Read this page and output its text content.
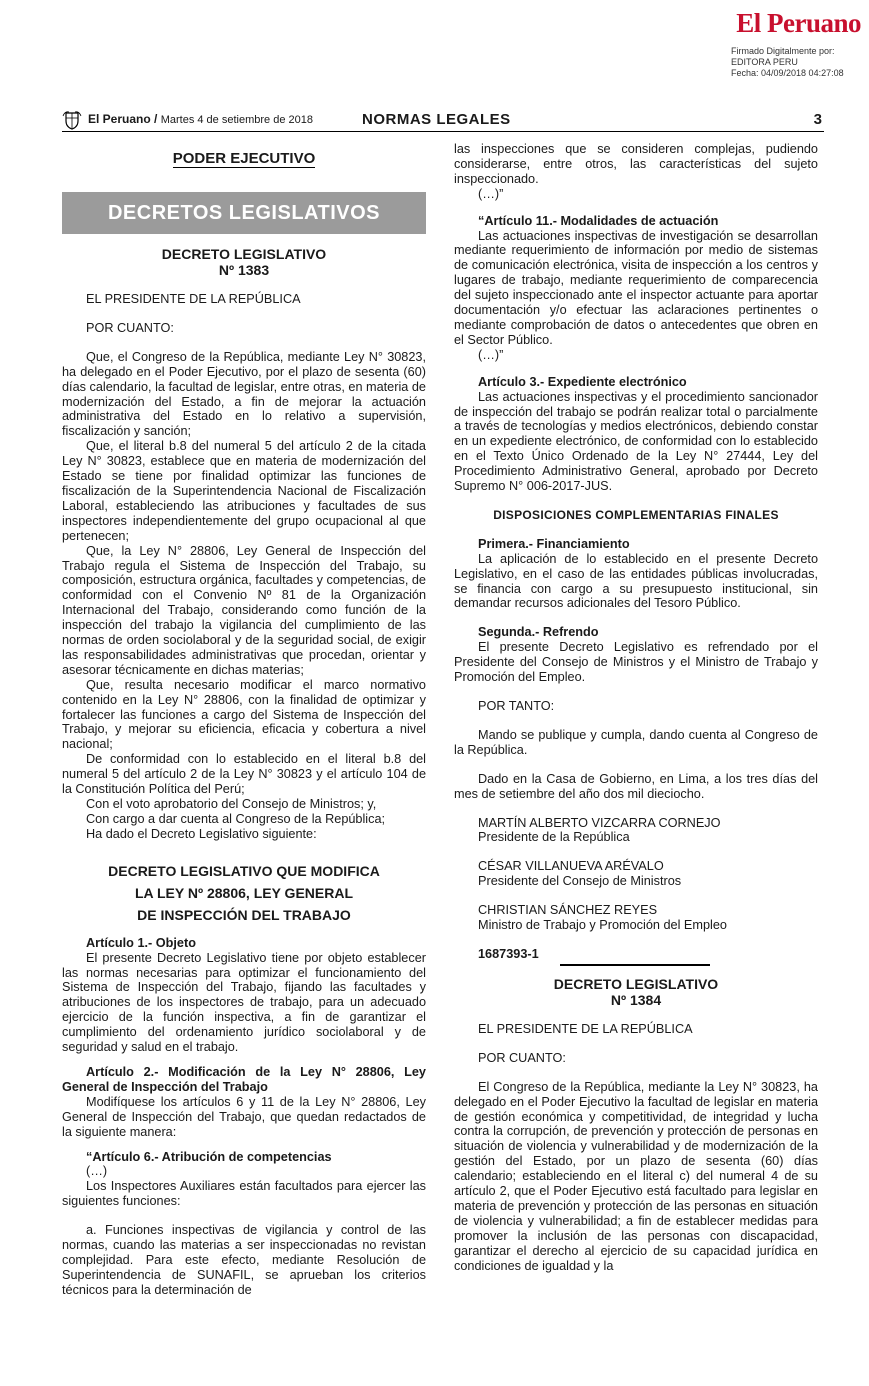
El Peruano
Firmado Digitalmente por:
EDITORA PERU
Fecha: 04/09/2018 04:27:08
El Peruano / Martes 4 de setiembre de 2018	NORMAS LEGALES	3
PODER EJECUTIVO
DECRETOS LEGISLATIVOS
DECRETO LEGISLATIVO
Nº 1383

EL PRESIDENTE DE LA REPÚBLICA

POR CUANTO:

Que, el Congreso de la República, mediante Ley N° 30823, ha delegado en el Poder Ejecutivo, por el plazo de sesenta (60) días calendario, la facultad de legislar, entre otras, en materia de modernización del Estado, a fin de mejorar la actuación administrativa del Estado en lo relativo a supervisión, fiscalización y sanción;

Que, el literal b.8 del numeral 5 del artículo 2 de la citada Ley N° 30823, establece que en materia de modernización del Estado se tiene por finalidad optimizar las funciones de fiscalización de la Superintendencia Nacional de Fiscalización Laboral, estableciendo las atribuciones y facultades de sus inspectores independientemente del grupo ocupacional al que pertenecen;

Que, la Ley N° 28806, Ley General de Inspección del Trabajo regula el Sistema de Inspección del Trabajo, su composición, estructura orgánica, facultades y competencias, de conformidad con el Convenio Nº 81 de la Organización Internacional del Trabajo, considerando como función de la inspección del trabajo la vigilancia del cumplimiento de las normas de orden sociolaboral y de la seguridad social, de exigir las responsabilidades administrativas que procedan, orientar y asesorar técnicamente en dichas materias;

Que, resulta necesario modificar el marco normativo contenido en la Ley N° 28806, con la finalidad de optimizar y fortalecer las funciones a cargo del Sistema de Inspección del Trabajo, y mejorar su eficiencia, eficacia y cobertura a nivel nacional;

De conformidad con lo establecido en el literal b.8 del numeral 5 del artículo 2 de la Ley N° 30823 y el artículo 104 de la Constitución Política del Perú;

Con el voto aprobatorio del Consejo de Ministros; y,

Con cargo a dar cuenta al Congreso de la República;

Ha dado el Decreto Legislativo siguiente:

DECRETO LEGISLATIVO QUE MODIFICA
LA LEY Nº 28806, LEY GENERAL
DE INSPECCIÓN DEL TRABAJO

Artículo 1.- Objeto

El presente Decreto Legislativo tiene por objeto establecer las normas necesarias para optimizar el funcionamiento del Sistema de Inspección del Trabajo, fijando las facultades y atribuciones de los inspectores de trabajo, para un adecuado ejercicio de la función inspectiva, a fin de garantizar el cumplimiento del ordenamiento jurídico sociolaboral y de seguridad y salud en el trabajo.

Artículo 2.- Modificación de la Ley N° 28806, Ley General de Inspección del Trabajo

Modifíquese los artículos 6 y 11 de la Ley N° 28806, Ley General de Inspección del Trabajo, que quedan redactados de la siguiente manera:

“Artículo 6.- Atribución de competencias

(…)

Los Inspectores Auxiliares están facultados para ejercer las siguientes funciones:

a. Funciones inspectivas de vigilancia y control de las normas, cuando las materias a ser inspeccionadas no revistan complejidad. Para este efecto, mediante Resolución de Superintendencia de SUNAFIL, se aprueban los criterios técnicos para la determinación de

las inspecciones que se consideren complejas, pudiendo considerarse, entre otros, las características del sujeto inspeccionado.

(…)”

“Artículo 11.- Modalidades de actuación

Las actuaciones inspectivas de investigación se desarrollan mediante requerimiento de información por medio de sistemas de comunicación electrónica, visita de inspección a los centros y lugares de trabajo, mediante requerimiento de comparecencia del sujeto inspeccionado ante el inspector actuante para aportar documentación y/o efectuar las aclaraciones pertinentes o mediante comprobación de datos o antecedentes que obren en el Sector Público.

(…)”

Artículo 3.- Expediente electrónico

Las actuaciones inspectivas y el procedimiento sancionador de inspección del trabajo se podrán realizar total o parcialmente a través de tecnologías y medios electrónicos, debiendo constar en un expediente electrónico, de conformidad con lo establecido en el Texto Único Ordenado de la Ley N° 27444, Ley del Procedimiento Administrativo General, aprobado por Decreto Supremo N° 006-2017-JUS.

DISPOSICIONES COMPLEMENTARIAS FINALES

Primera.- Financiamiento

La aplicación de lo establecido en el presente Decreto Legislativo, en el caso de las entidades públicas involucradas, se financia con cargo a su presupuesto institucional, sin demandar recursos adicionales del Tesoro Público.

Segunda.- Refrendo

El presente Decreto Legislativo es refrendado por el Presidente del Consejo de Ministros y el Ministro de Trabajo y Promoción del Empleo.

POR TANTO:

Mando se publique y cumpla, dando cuenta al Congreso de la República.

Dado en la Casa de Gobierno, en Lima, a los tres días del mes de setiembre del año dos mil dieciocho.

MARTÍN ALBERTO VIZCARRA CORNEJO

Presidente de la República

CÉSAR VILLANUEVA ARÉVALO

Presidente del Consejo de Ministros

CHRISTIAN SÁNCHEZ REYES

Ministro de Trabajo y Promoción del Empleo

1687393-1

DECRETO LEGISLATIVO
Nº 1384

EL PRESIDENTE DE LA REPÚBLICA

POR CUANTO:

El Congreso de la República, mediante la Ley N° 30823, ha delegado en el Poder Ejecutivo la facultad de legislar en materia de gestión económica y competitividad, de integridad y lucha contra la corrupción, de prevención y protección de personas en situación de violencia y vulnerabilidad y de modernización de la gestión del Estado, por un plazo de sesenta (60) días calendario; estableciendo en el literal c) del numeral 4 de su artículo 2, que el Poder Ejecutivo está facultado para legislar en materia de prevención y protección de las personas en situación de violencia y vulnerabilidad; a fin de establecer medidas para promover la inclusión de las personas con discapacidad, garantizar el derecho al ejercicio de su capacidad jurídica en condiciones de igualdad y la
